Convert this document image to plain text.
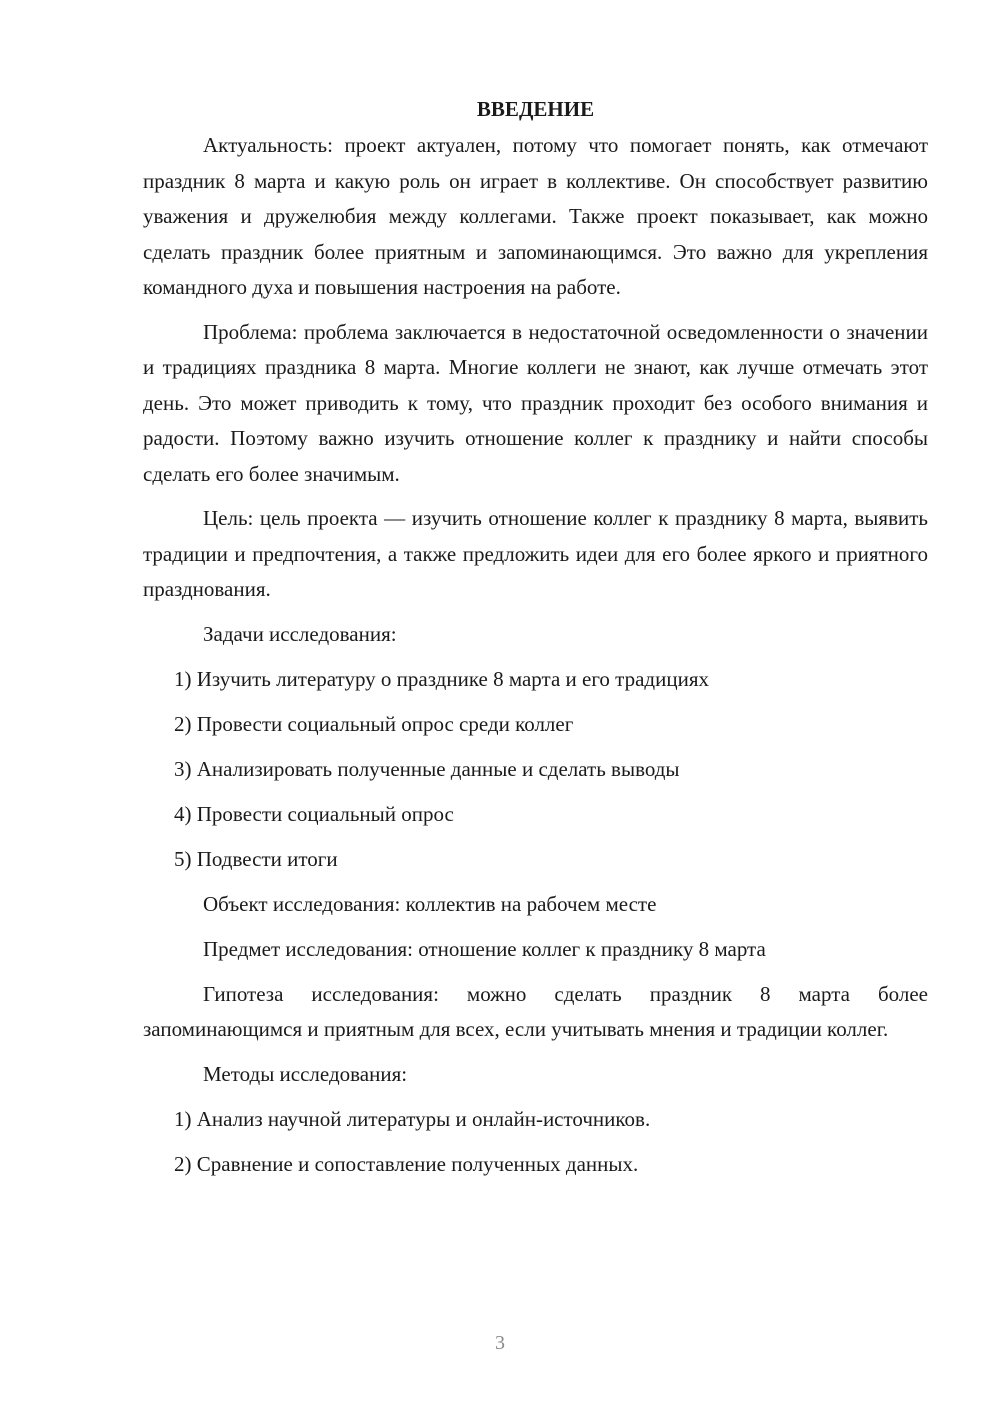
ВВЕДЕНИЕ

Актуальность: проект актуален, потому что помогает понять, как отмечают праздник 8 марта и какую роль он играет в коллективе. Он способствует развитию уважения и дружелюбия между коллегами. Также проект показывает, как можно сделать праздник более приятным и запоминающимся. Это важно для укрепления командного духа и повышения настроения на работе.

Проблема: проблема заключается в недостаточной осведомленности о значении и традициях праздника 8 марта. Многие коллеги не знают, как лучше отмечать этот день. Это может приводить к тому, что праздник проходит без особого внимания и радости. Поэтому важно изучить отношение коллег к празднику и найти способы сделать его более значимым.

Цель: цель проекта — изучить отношение коллег к празднику 8 марта, выявить традиции и предпочтения, а также предложить идеи для его более яркого и приятного празднования.

Задачи исследования:
1) Изучить литературу о празднике 8 марта и его традициях
2) Провести социальный опрос среди коллег
3) Анализировать полученные данные и сделать выводы
4) Провести социальный опрос
5) Подвести итоги
Объект исследования: коллектив на рабочем месте
Предмет исследования: отношение коллег к празднику 8 марта

Гипотеза исследования: можно сделать праздник 8 марта более запоминающимся и приятным для всех, если учитывать мнения и традиции коллег.

Методы исследования:
1) Анализ научной литературы и онлайн-источников.
2) Сравнение и сопоставление полученных данных.
3
